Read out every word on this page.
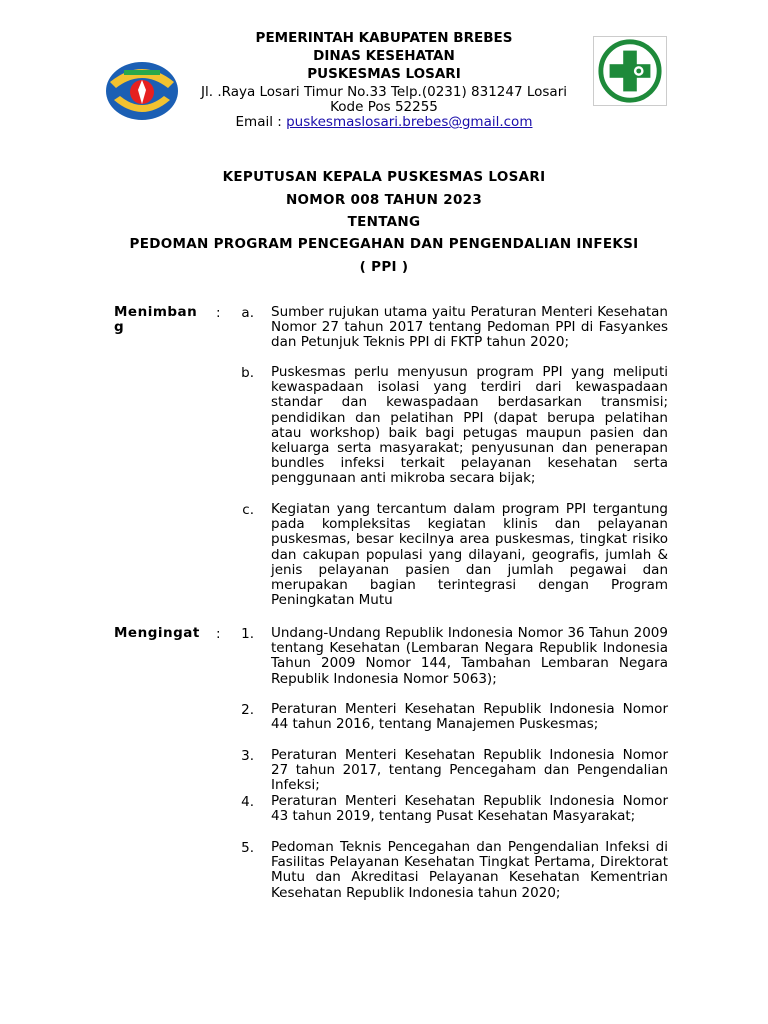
PEMERINTAH KABUPATEN BREBES
DINAS KESEHATAN
PUSKESMAS LOSARI
Jl. .Raya Losari Timur No.33 Telp.(0231) 831247 Losari
Kode Pos 52255
Email : puskesmaslosari.brebes@gmail.com
KEPUTUSAN KEPALA PUSKESMAS LOSARI
NOMOR 008 TAHUN 2023
TENTANG
PEDOMAN PROGRAM PENCEGAHAN DAN PENGENDALIAN INFEKSI
( PPI )
Menimbang
:	a. Sumber rujukan utama yaitu Peraturan Menteri Kesehatan Nomor 27 tahun 2017 tentang Pedoman PPI di Fasyankes dan Petunjuk Teknis PPI di FKTP tahun 2020;
b. Puskesmas perlu menyusun program PPI yang meliputi kewaspadaan isolasi yang terdiri dari kewaspadaan standar dan kewaspadaan berdasarkan transmisi; pendidikan dan pelatihan PPI (dapat berupa pelatihan atau workshop) baik bagi petugas maupun pasien dan keluarga serta masyarakat; penyusunan dan penerapan bundles infeksi terkait pelayanan kesehatan serta penggunaan anti mikroba secara bijak;
c. Kegiatan yang tercantum dalam program PPI tergantung pada kompleksitas kegiatan klinis dan pelayanan puskesmas, besar kecilnya area puskesmas, tingkat risiko dan cakupan populasi yang dilayani, geografis, jumlah & jenis pelayanan pasien dan jumlah pegawai dan merupakan bagian terintegrasi dengan Program Peningkatan Mutu
Mengingat	:	1. Undang-Undang Republik Indonesia Nomor 36 Tahun 2009 tentang Kesehatan (Lembaran Negara Republik Indonesia Tahun 2009 Nomor 144, Tambahan Lembaran Negara Republik Indonesia Nomor 5063);
2. Peraturan Menteri Kesehatan Republik Indonesia Nomor 44 tahun 2016, tentang Manajemen Puskesmas;
3. Peraturan Menteri Kesehatan Republik Indonesia Nomor 27 tahun 2017, tentang Pencegaham dan Pengendalian Infeksi;
4. Peraturan Menteri Kesehatan Republik Indonesia Nomor 43 tahun 2019, tentang Pusat Kesehatan Masyarakat;
5. Pedoman Teknis Pencegahan dan Pengendalian Infeksi di Fasilitas Pelayanan Kesehatan Tingkat Pertama, Direktorat Mutu dan Akreditasi Pelayanan Kesehatan Kementrian Kesehatan Republik Indonesia tahun 2020;
